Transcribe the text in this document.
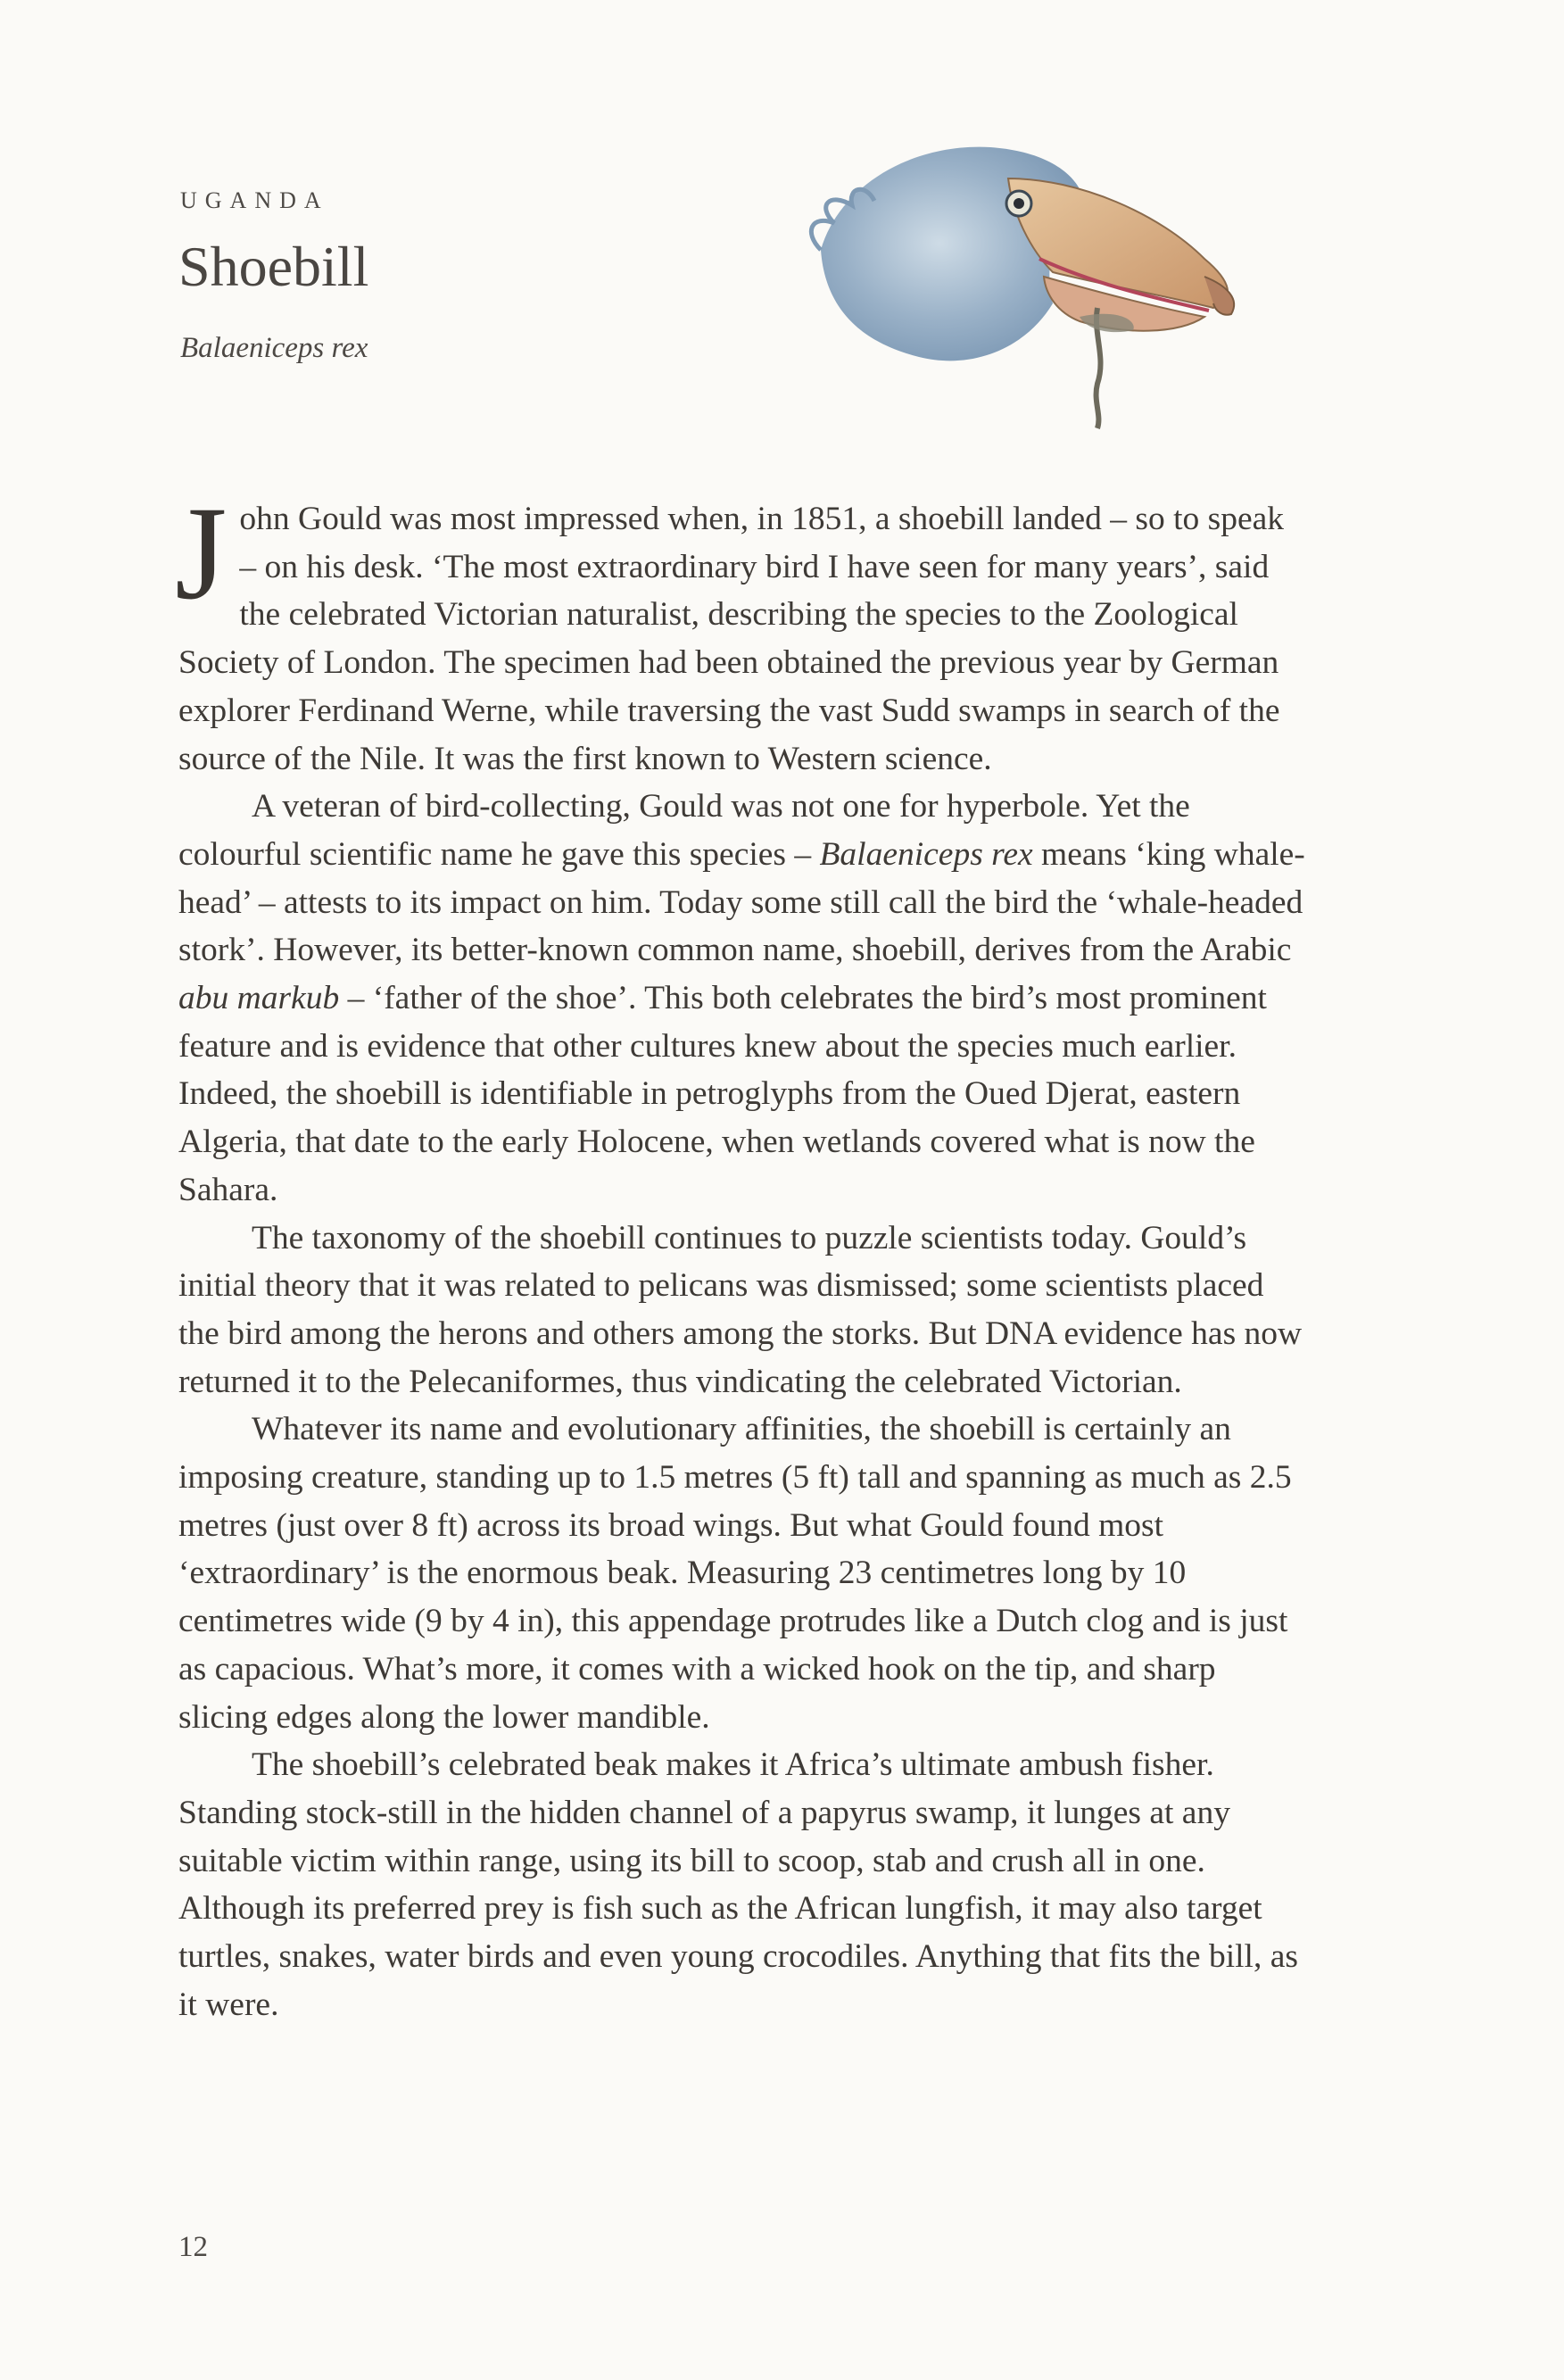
UGANDA
Shoebill
Balaeniceps rex

John Gould was most impressed when, in 1851, a shoebill landed – so to speak – on his desk. ‘The most extraordinary bird I have seen for many years’, said the celebrated Victorian naturalist, describing the species to the Zoological Society of London. The specimen had been obtained the previous year by German explorer Ferdinand Werne, while traversing the vast Sudd swamps in search of the source of the Nile. It was the first known to Western science.

A veteran of bird-collecting, Gould was not one for hyperbole. Yet the colourful scientific name he gave this species – Balaeniceps rex means ‘king whale-head’ – attests to its impact on him. Today some still call the bird the ‘whale-headed stork’. However, its better-known common name, shoebill, derives from the Arabic abu markub – ‘father of the shoe’. This both celebrates the bird’s most prominent feature and is evidence that other cultures knew about the species much earlier. Indeed, the shoebill is identifiable in petroglyphs from the Oued Djerat, eastern Algeria, that date to the early Holocene, when wetlands covered what is now the Sahara.

The taxonomy of the shoebill continues to puzzle scientists today. Gould’s initial theory that it was related to pelicans was dismissed; some scientists placed the bird among the herons and others among the storks. But DNA evidence has now returned it to the Pelecaniformes, thus vindicating the celebrated Victorian.

Whatever its name and evolutionary affinities, the shoebill is certainly an imposing creature, standing up to 1.5 metres (5 ft) tall and spanning as much as 2.5 metres (just over 8 ft) across its broad wings. But what Gould found most ‘extraordinary’ is the enormous beak. Measuring 23 centimetres long by 10 centimetres wide (9 by 4 in), this appendage protrudes like a Dutch clog and is just as capacious. What’s more, it comes with a wicked hook on the tip, and sharp slicing edges along the lower mandible.

The shoebill’s celebrated beak makes it Africa’s ultimate ambush fisher. Standing stock-still in the hidden channel of a papyrus swamp, it lunges at any suitable victim within range, using its bill to scoop, stab and crush all in one. Although its preferred prey is fish such as the African lungfish, it may also target turtles, snakes, water birds and even young crocodiles. Anything that fits the bill, as it were.

12
